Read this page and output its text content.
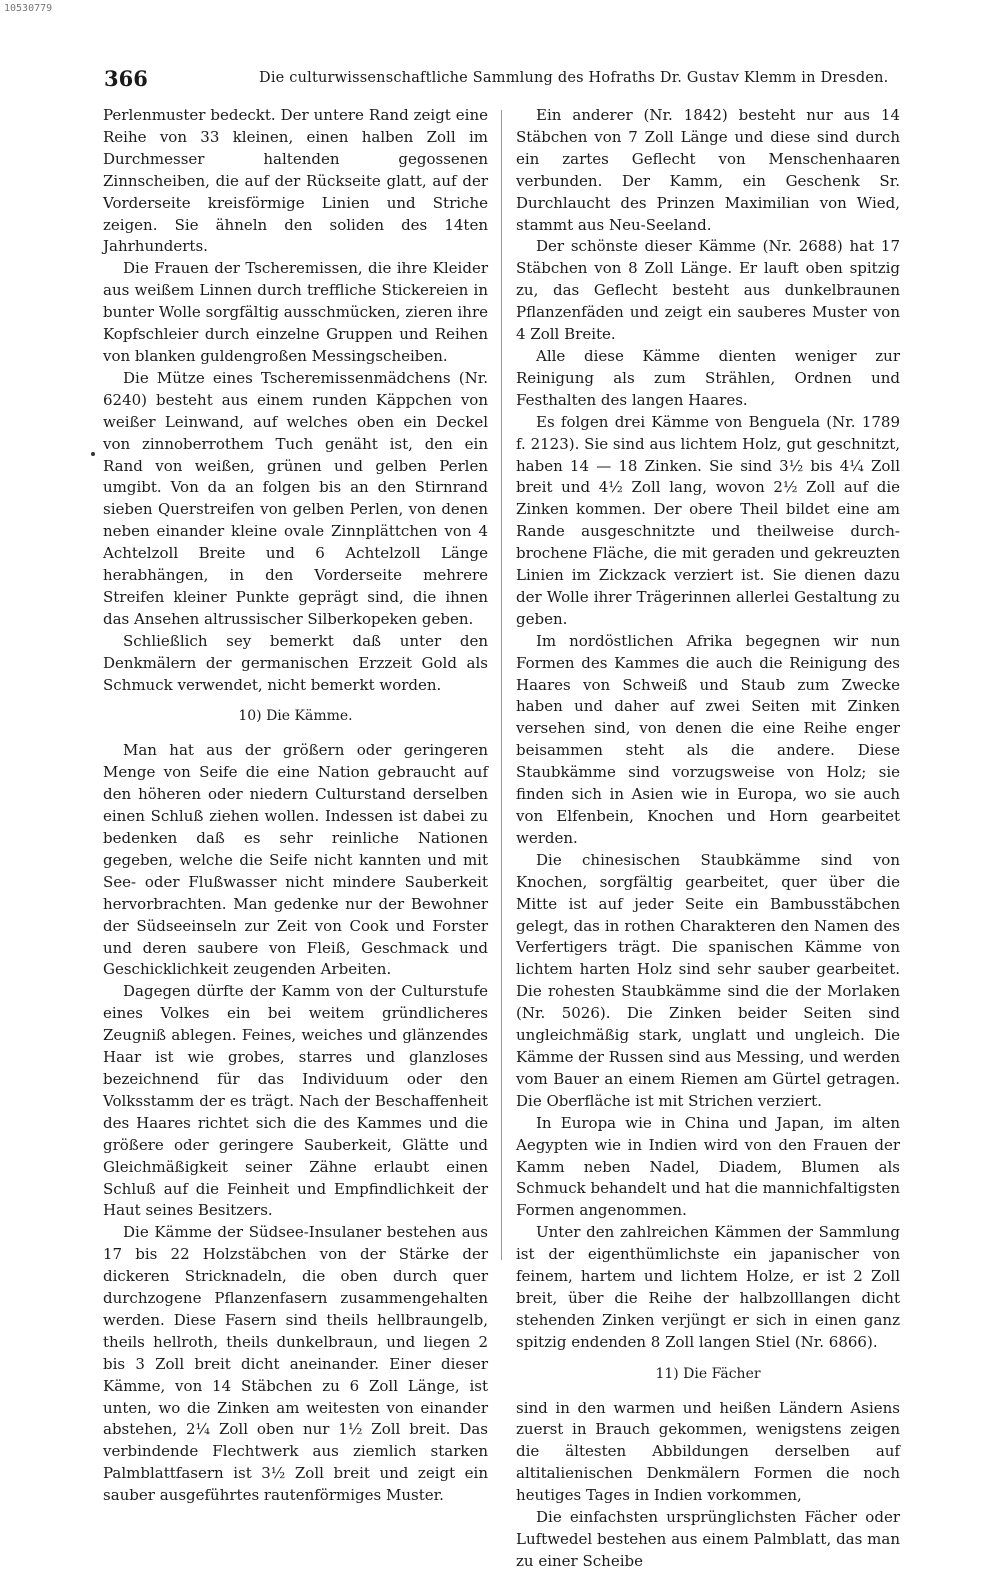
10530779
366	Die culturwissenschaftliche Sammlung des Hofraths Dr. Gustav Klemm in Dresden.

Perlenmuster bedeckt. Der untere Rand zeigt eine Reihe von 33 kleinen, einen halben Zoll im Durchmesser haltenden gegossenen Zinnscheiben, die auf der Rückseite glatt, auf der Vorderseite kreisförmige Linien und Striche zeigen. Sie ähneln den soliden des 14ten Jahrhunderts.

Die Frauen der Tscheremissen, die ihre Kleider aus weißem Linnen durch treffliche Stickereien in bunter Wolle sorgfältig ausschmücken, zieren ihre Kopfschleier durch einzelne Gruppen und Reihen von blanken guldengroßen Messingscheiben.

Die Mütze eines Tscheremissenmädchens (Nr. 6240) besteht aus einem runden Käppchen von weißer Leinwand, auf welches oben ein Deckel von zinnoberrothem Tuch genäht ist, den ein Rand von weißen, grünen und gelben Perlen umgibt. Von da an folgen bis an den Stirnrand sieben Querstreifen von gelben Perlen, von denen neben einander kleine ovale Zinnplättchen von 4 Achtelzoll Breite und 6 Achtelzoll Länge herabhängen, in den Vorderseite mehrere Streifen kleiner Punkte geprägt sind, die ihnen das Ansehen altrussischer Silberkopeken geben.

Schließlich sey bemerkt daß unter den Denkmälern der germanischen Erzzeit Gold als Schmuck verwendet, nicht bemerkt worden.

10) Die Kämme.

Man hat aus der größern oder geringeren Menge von Seife die eine Nation gebraucht auf den höheren oder niedern Culturstand derselben einen Schluß ziehen wollen. Indessen ist dabei zu bedenken daß es sehr reinliche Nationen gegeben, welche die Seife nicht kannten und mit See- oder Flußwasser nicht mindere Sauberkeit hervorbrachten. Man gedenke nur der Bewohner der Südseeinseln zur Zeit von Cook und Forster und deren saubere von Fleiß, Geschmack und Geschicklichkeit zeugenden Arbeiten.

Dagegen dürfte der Kamm von der Culturstufe eines Volkes ein bei weitem gründlicheres Zeugniß ablegen. Feines, weiches und glänzendes Haar ist wie grobes, starres und glanzloses bezeichnend für das Individuum oder den Volksstamm der es trägt. Nach der Beschaffenheit des Haares richtet sich die des Kammes und die größere oder geringere Sauberkeit, Glätte und Gleichmäßigkeit seiner Zähne erlaubt einen Schluß auf die Feinheit und Empfindlichkeit der Haut seines Besitzers.

Die Kämme der Südsee-Insulaner bestehen aus 17 bis 22 Holzstäbchen von der Stärke der dickeren Stricknadeln, die oben durch quer durchzogene Pflanzenfasern zusammengehalten werden. Diese Fasern sind theils hellbraungelb, theils hellroth, theils dunkelbraun, und liegen 2 bis 3 Zoll breit dicht aneinander. Einer dieser Kämme, von 14 Stäbchen zu 6 Zoll Länge, ist unten, wo die Zinken am weitesten von einander abstehen, 2¼ Zoll oben nur 1½ Zoll breit. Das verbindende Flechtwerk aus ziemlich starken Palmblattfasern ist 3½ Zoll breit und zeigt ein sauber ausgeführtes rautenförmiges Muster.

Ein anderer (Nr. 1842) besteht nur aus 14 Stäbchen von 7 Zoll Länge und diese sind durch ein zartes Geflecht von Menschenhaaren verbunden. Der Kamm, ein Geschenk Sr. Durchlaucht des Prinzen Maximilian von Wied, stammt aus Neu-Seeland.

Der schönste dieser Kämme (Nr. 2688) hat 17 Stäbchen von 8 Zoll Länge. Er lauft oben spitzig zu, das Geflecht besteht aus dunkelbraunen Pflanzenfäden und zeigt ein sauberes Muster von 4 Zoll Breite.

Alle diese Kämme dienten weniger zur Reinigung als zum Strählen, Ordnen und Festhalten des langen Haares.

Es folgen drei Kämme von Benguela (Nr. 1789 f. 2123). Sie sind aus lichtem Holz, gut geschnitzt, haben 14 — 18 Zinken. Sie sind 3½ bis 4¼ Zoll breit und 4½ Zoll lang, wovon 2½ Zoll auf die Zinken kommen. Der obere Theil bildet eine am Rande ausgeschnitzte und theilweise durchbrochene Fläche, die mit geraden und gekreuzten Linien im Zickzack verziert ist. Sie dienen dazu der Wolle ihrer Trägerinnen allerlei Gestaltung zu geben.

Im nordöstlichen Afrika begegnen wir nun Formen des Kammes die auch die Reinigung des Haares von Schweiß und Staub zum Zwecke haben und daher auf zwei Seiten mit Zinken versehen sind, von denen die eine Reihe enger beisammen steht als die andere. Diese Staubkämme sind vorzugsweise von Holz; sie finden sich in Asien wie in Europa, wo sie auch von Elfenbein, Knochen und Horn gearbeitet werden.

Die chinesischen Staubkämme sind von Knochen, sorgfältig gearbeitet, quer über die Mitte ist auf jeder Seite ein Bambusstäbchen gelegt, das in rothen Charakteren den Namen des Verfertigers trägt. Die spanischen Kämme von lichtem harten Holz sind sehr sauber gearbeitet. Die rohesten Staubkämme sind die der Morlaken (Nr. 5026). Die Zinken beider Seiten sind ungleichmäßig stark, unglatt und ungleich. Die Kämme der Russen sind aus Messing, und werden vom Bauer an einem Riemen am Gürtel getragen. Die Oberfläche ist mit Strichen verziert.

In Europa wie in China und Japan, im alten Aegypten wie in Indien wird von den Frauen der Kamm neben Nadel, Diadem, Blumen als Schmuck behandelt und hat die mannichfaltigsten Formen angenommen.

Unter den zahlreichen Kämmen der Sammlung ist der eigenthümlichste ein japanischer von feinem, hartem und lichtem Holze, er ist 2 Zoll breit, über die Reihe der halbzolllangen dicht stehenden Zinken verjüngt er sich in einen ganz spitzig endenden 8 Zoll langen Stiel (Nr. 6866).

11) Die Fächer

sind in den warmen und heißen Ländern Asiens zuerst in Brauch gekommen, wenigstens zeigen die ältesten Abbildungen derselben auf altitalienischen Denkmälern Formen die noch heutiges Tages in Indien vorkommen,

Die einfachsten ursprünglichsten Fächer oder Luftwedel bestehen aus einem Palmblatt, das man zu einer Scheibe
